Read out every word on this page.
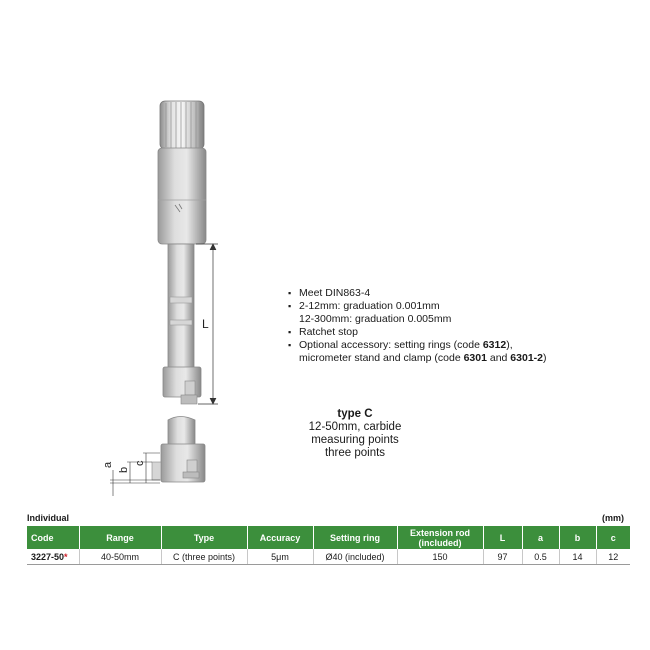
L
a
b
c
▪ Meet DIN863-4
▪ 2-12mm: graduation 0.001mm
12-300mm: graduation 0.005mm
▪ Ratchet stop
▪ Optional accessory: setting rings (code 6312),
micrometer stand and clamp (code 6301 and 6301-2)
type C
12-50mm, carbide
measuring points
three points
Individual	(mm)
Code	Range	Type	Accuracy	Setting ring	Extension rod (included)	L	a	b	c
3227-50*	40-50mm	C (three points)	5μm	Ø40 (included)	150	97	0.5	14	12
